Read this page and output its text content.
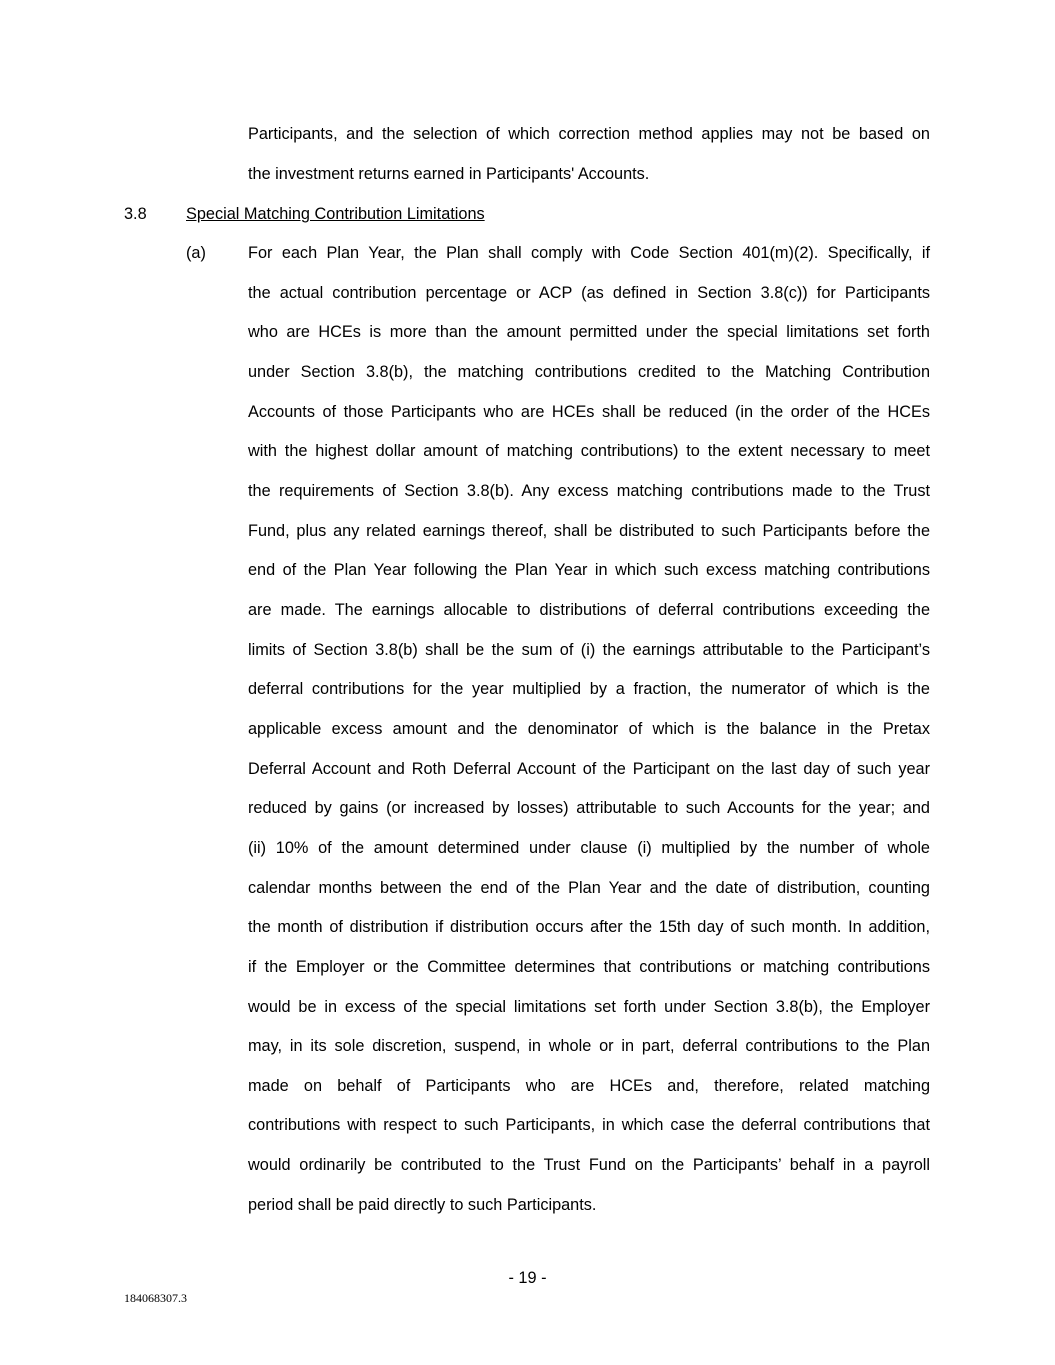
Participants, and the selection of which correction method applies may not be based on
the investment returns earned in Participants' Accounts.
3.8 Special Matching Contribution Limitations
(a)	For each Plan Year, the Plan shall comply with Code Section 401(m)(2). Specifically, if
the actual contribution percentage or ACP (as defined in Section 3.8(c)) for Participants
who are HCEs is more than the amount permitted under the special limitations set forth
under Section 3.8(b), the matching contributions credited to the Matching Contribution
Accounts of those Participants who are HCEs shall be reduced (in the order of the HCEs
with the highest dollar amount of matching contributions) to the extent necessary to meet
the requirements of Section 3.8(b). Any excess matching contributions made to the Trust
Fund, plus any related earnings thereof, shall be distributed to such Participants before the
end of the Plan Year following the Plan Year in which such excess matching contributions
are made. The earnings allocable to distributions of deferral contributions exceeding the
limits of Section 3.8(b) shall be the sum of (i) the earnings attributable to the Participant’s
deferral contributions for the year multiplied by a fraction, the numerator of which is the
applicable excess amount and the denominator of which is the balance in the Pretax
Deferral Account and Roth Deferral Account of the Participant on the last day of such year
reduced by gains (or increased by losses) attributable to such Accounts for the year; and
(ii) 10% of the amount determined under clause (i) multiplied by the number of whole
calendar months between the end of the Plan Year and the date of distribution, counting
the month of distribution if distribution occurs after the 15th day of such month. In addition,
if the Employer or the Committee determines that contributions or matching contributions
would be in excess of the special limitations set forth under Section 3.8(b), the Employer
may, in its sole discretion, suspend, in whole or in part, deferral contributions to the Plan
made on behalf of Participants who are HCEs and, therefore, related matching
contributions with respect to such Participants, in which case the deferral contributions that
would ordinarily be contributed to the Trust Fund on the Participants’ behalf in a payroll
period shall be paid directly to such Participants.
- 19 -
184068307.3
